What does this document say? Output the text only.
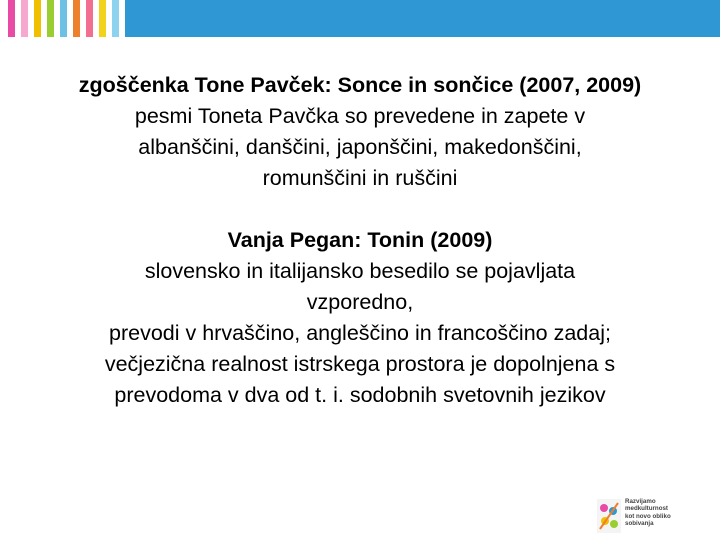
zgoščenka Tone Pavček: Sonce in sončice (2007, 2009)

pesmi Toneta Pavčka so prevedene in zapete v

albanščini, danščini, japonščini, makedonščini,

romunščini in ruščini

Vanja Pegan: Tonin (2009)

slovensko in italijansko besedilo se pojavljata

vzporedno,

prevodi v hrvaščino, angleščino in francoščino zadaj;

večjezična realnost istrskega prostora je dopolnjena s

prevodoma v dva od t. i. sodobnih svetovnih jezikov

Razvijamo
medkulturnost
kot novo obliko
sobivanja
